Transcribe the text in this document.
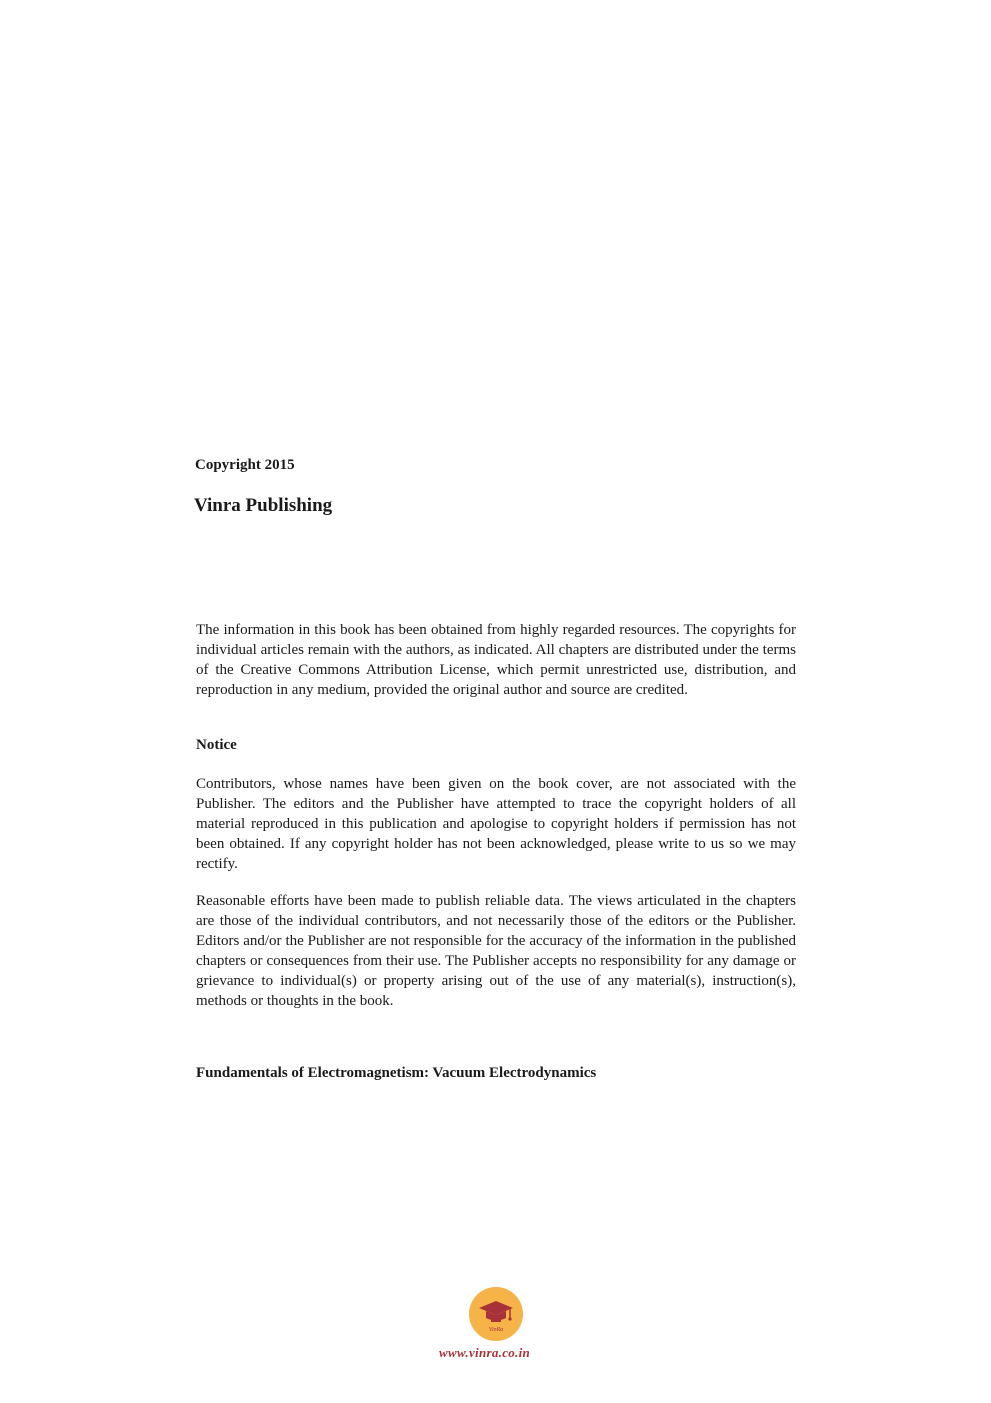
Copyright 2015

Vinra Publishing

The information in this book has been obtained from highly regarded resources. The copyrights for individual articles remain with the authors, as indicated. All chapters are distributed under the terms of the Creative Commons Attribution License, which permit unrestricted use, distribution, and reproduction in any medium, provided the original author and source are credited.

Notice

Contributors, whose names have been given on the book cover, are not associated with the Publisher. The editors and the Publisher have attempted to trace the copyright holders of all material reproduced in this publication and apologise to copyright holders if permission has not been obtained. If any copyright holder has not been acknowledged, please write to us so we may rectify.

Reasonable efforts have been made to publish reliable data. The views articulated in the chapters are those of the individual contributors, and not necessarily those of the editors or the Publisher. Editors and/or the Publisher are not responsible for the accuracy of the information in the published chapters or consequences from their use. The Publisher accepts no responsibility for any damage or grievance to individual(s) or property arising out of the use of any material(s), instruction(s), methods or thoughts in the book.

Fundamentals of Electromagnetism: Vacuum Electrodynamics

VinRa

www.vinra.co.in
